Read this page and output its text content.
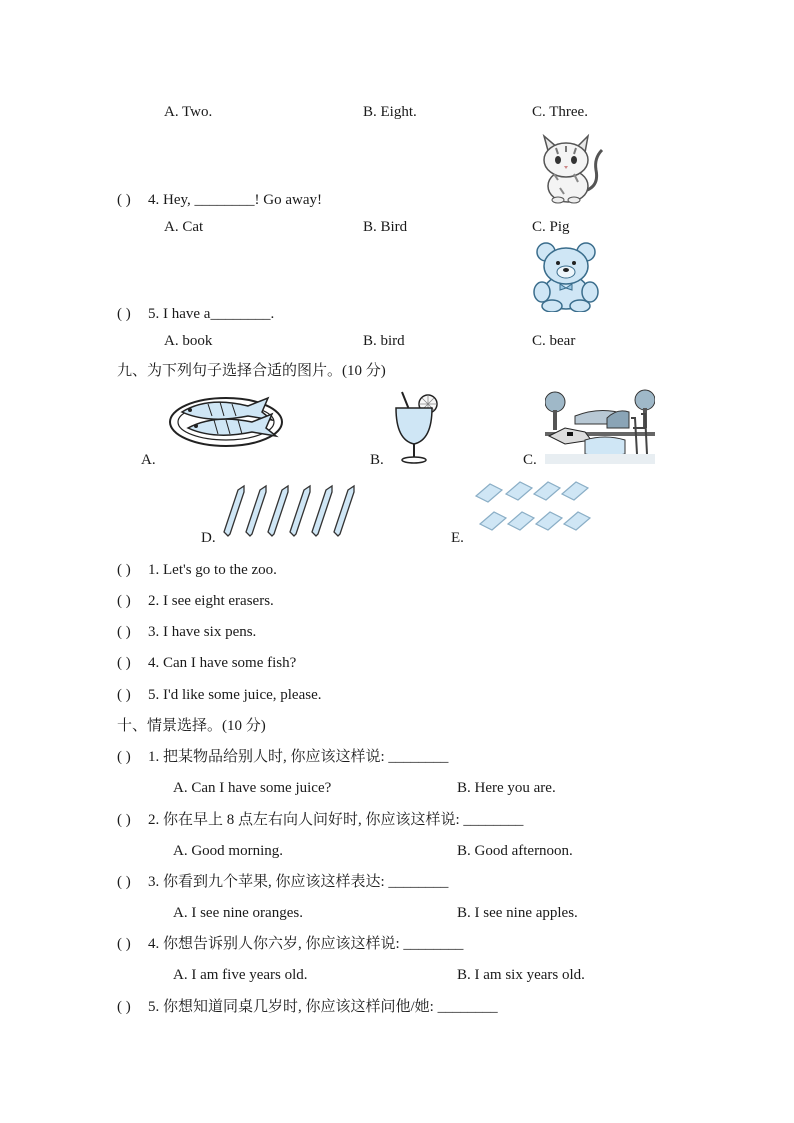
A. Two.	B. Eight.	C. Three.
( ) 4. Hey, ________! Go away!
A. Cat	B. Bird	C. Pig
( ) 5. I have a________.
A. book	B. bird	C. bear
九、为下列句子选择合适的图片。(10 分)
A.	B.	C.
D.	E.
( ) 1. Let's go to the zoo.
( ) 2. I see eight erasers.
( ) 3. I have six pens.
( ) 4. Can I have some fish?
( ) 5. I'd like some juice, please.
十、情景选择。(10 分)
( ) 1. 把某物品给别人时, 你应该这样说: ________
A. Can I have some juice?	B. Here you are.
( ) 2. 你在早上 8 点左右向人问好时, 你应该这样说: ________
A. Good morning.	B. Good afternoon.
( ) 3. 你看到九个苹果, 你应该这样表达: ________
A. I see nine oranges.	B. I see nine apples.
( ) 4. 你想告诉别人你六岁, 你应该这样说: ________
A. I am five years old.	B. I am six years old.
( ) 5. 你想知道同桌几岁时, 你应该这样问他/她: ________
